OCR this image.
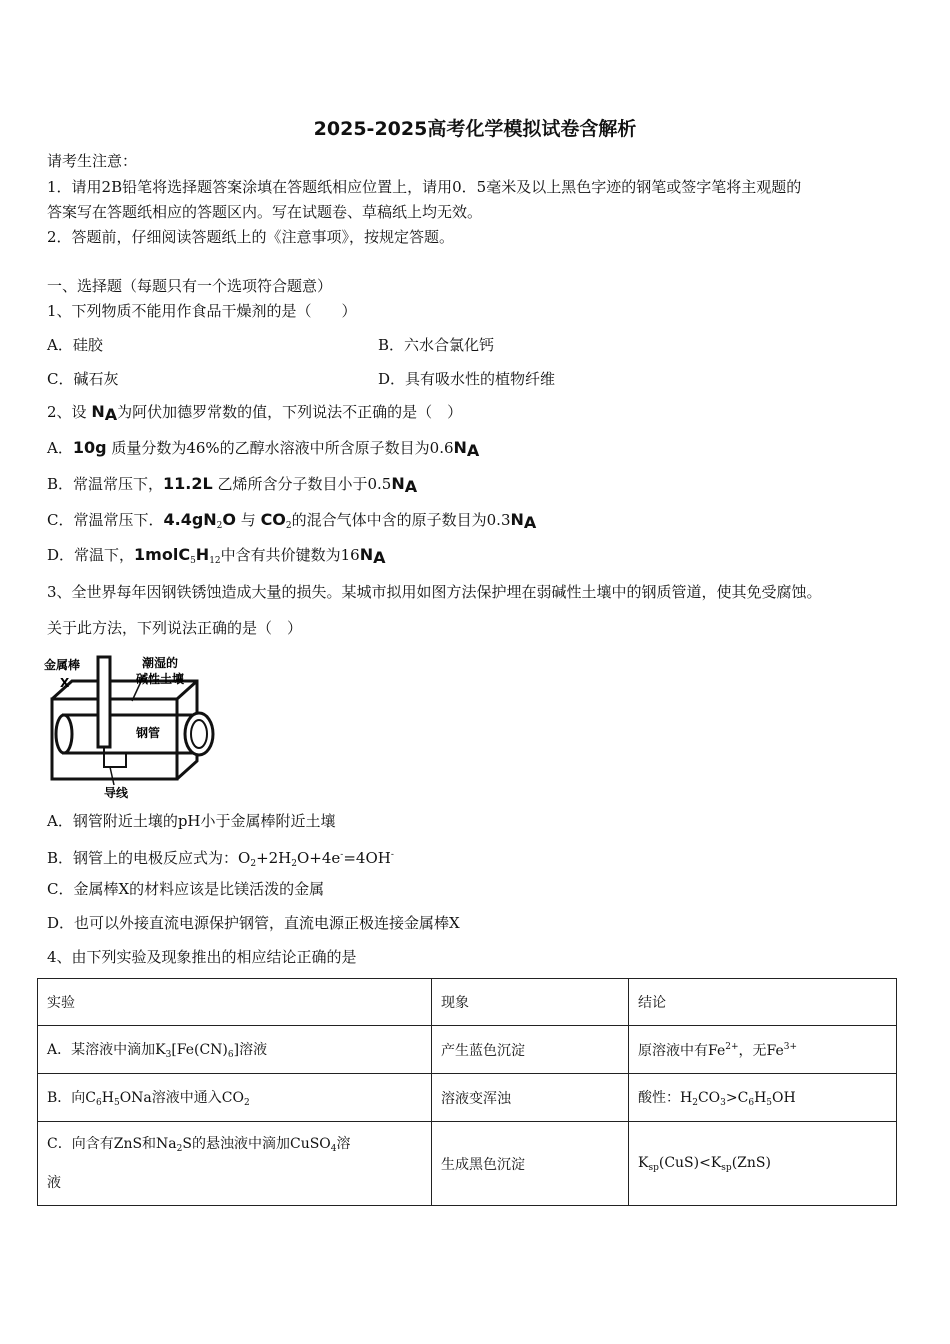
2025-2025高考化学模拟试卷含解析
请考生注意：
1．请用2B铅笔将选择题答案涂填在答题纸相应位置上，请用0．5毫米及以上黑色字迹的钢笔或签字笔将主观题的
答案写在答题纸相应的答题区内。写在试题卷、草稿纸上均无效。
2．答题前，仔细阅读答题纸上的《注意事项》，按规定答题。
一、选择题（每题只有一个选项符合题意）
1、下列物质不能用作食品干燥剂的是（　　）
A．硅胶	B．六水合氯化钙
C．碱石灰	D．具有吸水性的植物纤维
2、设 $N_A$为阿伏加德罗常数的值，下列说法不正确的是（　）
A．10g 质量分数为46%的乙醇水溶液中所含原子数目为$0.6N_A$
B．常温常压下，11.2L 乙烯所含分子数目小于$0.5N_A$
C．常温常压下．$4.4gN_2O$ 与 $CO_2$的混合气体中含的原子数目为$0.3N_A$
D．常温下，$1molC_5H_{12}$中含有共价键数为$16N_A$
3、全世界每年因钢铁锈蚀造成大量的损失。某城市拟用如图方法保护埋在弱碱性土壤中的钢质管道，使其免受腐蚀。
关于此方法，下列说法正确的是（　）
金属棒
X
潮湿的
碱性土壤
钢管
导线
A．钢管附近土壤的pH小于金属棒附近土壤
B．钢管上的电极反应式为：$O_2+2H_2O+4e^-=4OH^-$
C．金属棒X的材料应该是比镁活泼的金属
D．也可以外接直流电源保护钢管，直流电源正极连接金属棒X
4、由下列实验及现象推出的相应结论正确的是
实验	现象	结论
A．某溶液中滴加$K_3[Fe(CN)_6]$溶液	产生蓝色沉淀	原溶液中有$Fe^{2+}$，无$Fe^{3+}$
B．向$C_6H_5ONa$溶液中通入$CO_2$	溶液变浑浊	酸性：$H_2CO_3>C_6H_5OH$
C．向含有ZnS和$Na_2S$的悬浊液中滴加CuSO$_4$溶
液	生成黑色沉淀	$K_{sp}(CuS)<K_{sp}(ZnS)$
